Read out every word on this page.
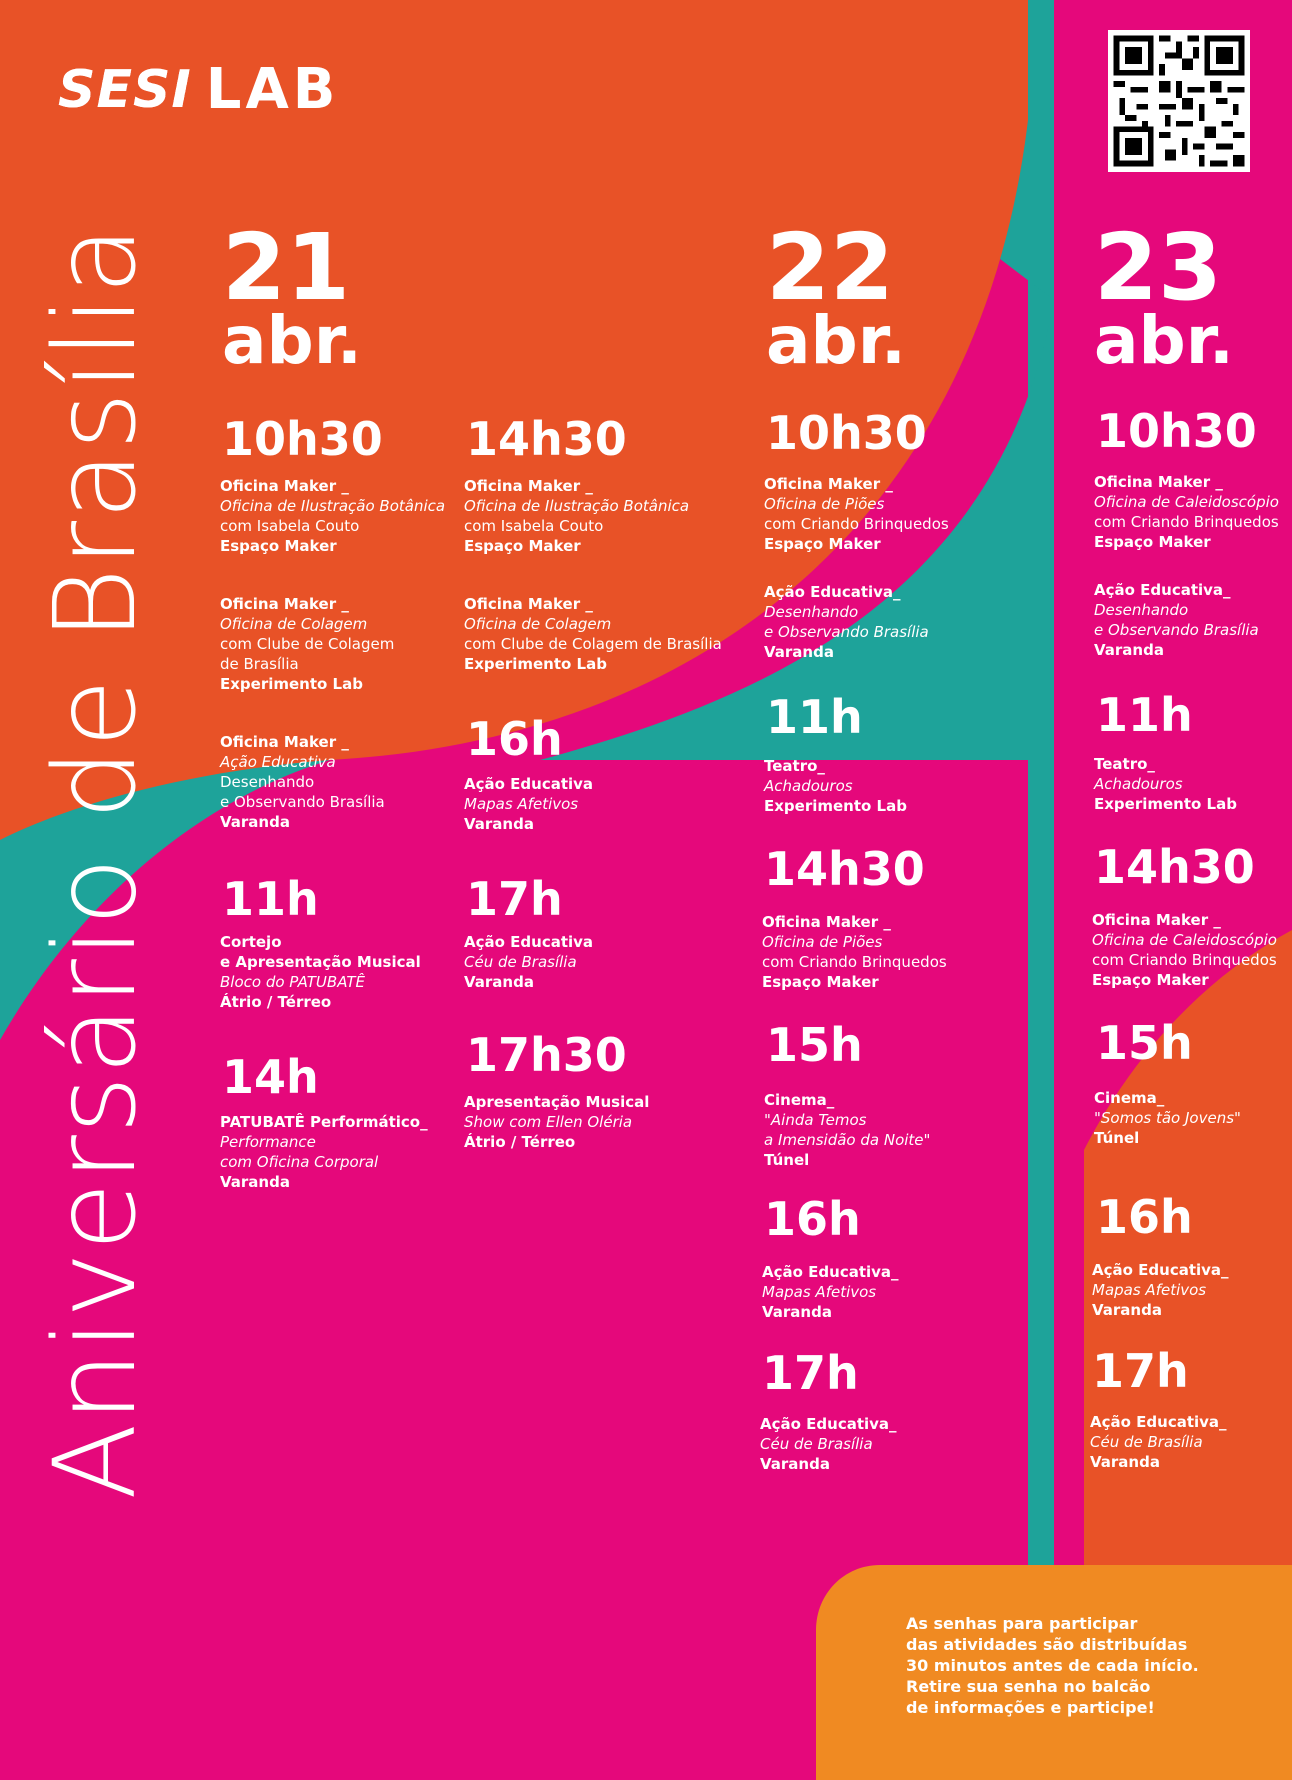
SESI LAB
Aniversário de Brasília 21
abr.
22
abr.
23
abr.
10h30
Oficina Maker _
Oficina de Ilustração Botânica
com Isabela Couto
Espaço Maker
Oficina Maker _
Oficina de Colagem
com Clube de Colagem
de Brasília
Experimento Lab
Oficina Maker _
Ação Educativa
Desenhando
e Observando Brasília
Varanda
11h
Cortejo
e Apresentação Musical
Bloco do PATUBATÊ
Átrio / Térreo
14h
PATUBATÊ Performático_
Performance
com Oficina Corporal
Varanda
14h30
Oficina Maker _
Oficina de Ilustração Botânica
com Isabela Couto
Espaço Maker
Oficina Maker _
Oficina de Colagem
com Clube de Colagem de Brasília
Experimento Lab
16h
Ação Educativa
Mapas Afetivos
Varanda
17h
Ação Educativa
Céu de Brasília
Varanda
17h30
Apresentação Musical
Show com Ellen Oléria
Átrio / Térreo
10h30
Oficina Maker _
Oficina de Piões
com Criando Brinquedos
Espaço Maker
Ação Educativa_
Desenhando
e Observando Brasília
Varanda
11h
Teatro_
Achadouros
Experimento Lab
14h30
Oficina Maker _
Oficina de Piões
com Criando Brinquedos
Espaço Maker
15h
Cinema_
"Ainda Temos
a Imensidão da Noite"
Túnel
16h
Ação Educativa_
Mapas Afetivos
Varanda
17h
Ação Educativa_
Céu de Brasília
Varanda
10h30
Oficina Maker _
Oficina de Caleidoscópio
com Criando Brinquedos
Espaço Maker
Ação Educativa_
Desenhando
e Observando Brasília
Varanda
11h
Teatro_
Achadouros
Experimento Lab
14h30
Oficina Maker _
Oficina de Caleidoscópio
com Criando Brinquedos
Espaço Maker
15h
Cinema_
"Somos tão Jovens"
Túnel
16h
Ação Educativa_
Mapas Afetivos
Varanda
17h
Ação Educativa_
Céu de Brasília
Varanda
As senhas para participar
das atividades são distribuídas
30 minutos antes de cada início.
Retire sua senha no balcão
de informações e participe!
